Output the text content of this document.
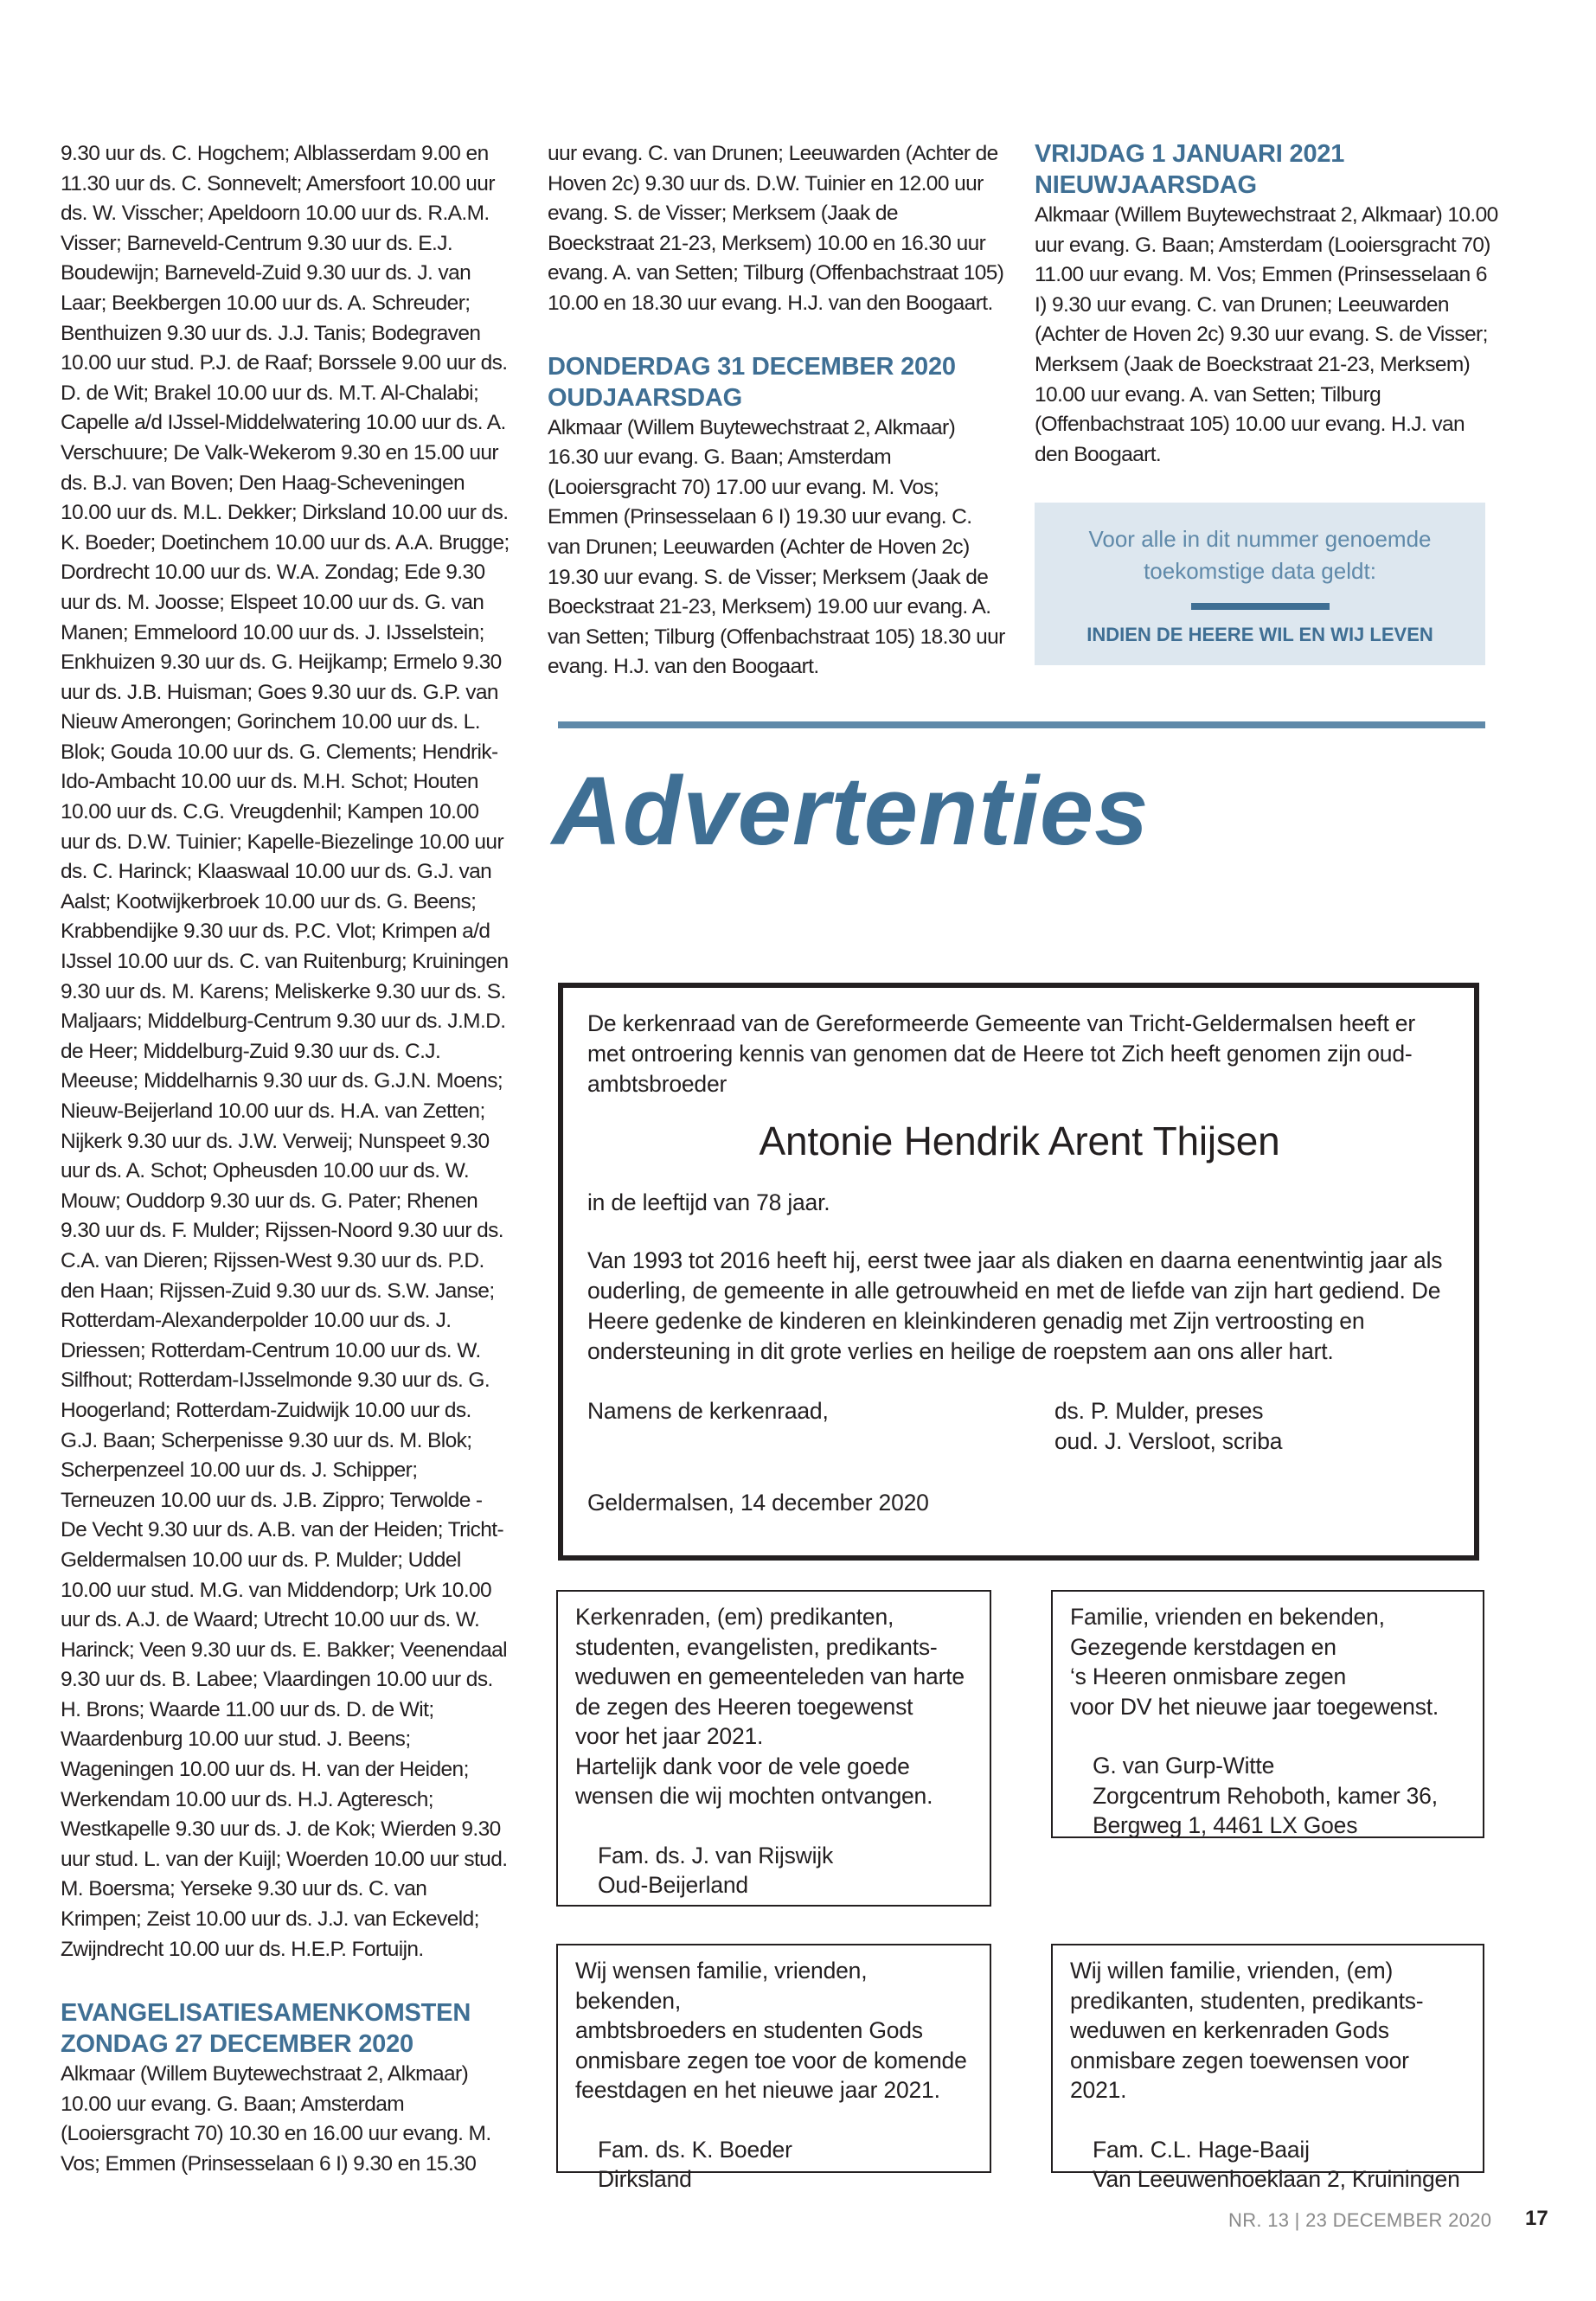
9.30 uur ds. C. Hogchem; Alblasserdam 9.00 en 11.30 uur ds. C. Sonnevelt; Amersfoort 10.00 uur ds. W. Visscher; Apeldoorn 10.00 uur ds. R.A.M. Visser; Barneveld-Centrum 9.30 uur ds. E.J. Boudewijn; Barneveld-Zuid 9.30 uur ds. J. van Laar; Beekbergen 10.00 uur ds. A. Schreuder; Benthuizen 9.30 uur ds. J.J. Tanis; Bodegraven 10.00 uur stud. P.J. de Raaf; Borssele 9.00 uur ds. D. de Wit; Brakel 10.00 uur ds. M.T. Al-Chalabi; Capelle a/d IJssel-Middelwatering 10.00 uur ds. A. Verschuure; De Valk-Wekerom 9.30 en 15.00 uur ds. B.J. van Boven; Den Haag-Scheveningen 10.00 uur ds. M.L. Dekker; Dirksland 10.00 uur ds. K. Boeder; Doetinchem 10.00 uur ds. A.A. Brugge; Dordrecht 10.00 uur ds. W.A. Zondag; Ede 9.30 uur ds. M. Joosse; Elspeet 10.00 uur ds. G. van Manen; Emmeloord 10.00 uur ds. J. IJsselstein; Enkhuizen 9.30 uur ds. G. Heijkamp; Ermelo 9.30 uur ds. J.B. Huisman; Goes 9.30 uur ds. G.P. van Nieuw Amerongen; Gorinchem 10.00 uur ds. L. Blok; Gouda 10.00 uur ds. G. Clements; Hendrik-Ido-Ambacht 10.00 uur ds. M.H. Schot; Houten 10.00 uur ds. C.G. Vreugdenhil; Kampen 10.00 uur ds. D.W. Tuinier; Kapelle-Biezelinge 10.00 uur ds. C. Harinck; Klaaswaal 10.00 uur ds. G.J. van Aalst; Kootwijkerbroek 10.00 uur ds. G. Beens; Krabbendijke 9.30 uur ds. P.C. Vlot; Krimpen a/d IJssel 10.00 uur ds. C. van Ruitenburg; Kruiningen 9.30 uur ds. M. Karens; Meliskerke 9.30 uur ds. S. Maljaars; Middelburg-Centrum 9.30 uur ds. J.M.D. de Heer; Middelburg-Zuid 9.30 uur ds. C.J. Meeuse; Middelharnis 9.30 uur ds. G.J.N. Moens; Nieuw-Beijerland 10.00 uur ds. H.A. van Zetten; Nijkerk 9.30 uur ds. J.W. Verweij; Nunspeet 9.30 uur ds. A. Schot; Opheusden 10.00 uur ds. W. Mouw; Ouddorp 9.30 uur ds. G. Pater; Rhenen 9.30 uur ds. F. Mulder; Rijssen-Noord 9.30 uur ds. C.A. van Dieren; Rijssen-West 9.30 uur ds. P.D. den Haan; Rijssen-Zuid 9.30 uur ds. S.W. Janse; Rotterdam-Alexanderpolder 10.00 uur ds. J. Driessen; Rotterdam-Centrum 10.00 uur ds. W. Silfhout; Rotterdam-IJsselmonde 9.30 uur ds. G. Hoogerland; Rotterdam-Zuidwijk 10.00 uur ds. G.J. Baan; Scherpenisse 9.30 uur ds. M. Blok; Scherpenzeel 10.00 uur ds. J. Schipper; Terneuzen 10.00 uur ds. J.B. Zippro; Terwolde - De Vecht 9.30 uur ds. A.B. van der Heiden; Tricht-Geldermalsen 10.00 uur ds. P. Mulder; Uddel 10.00 uur stud. M.G. van Middendorp; Urk 10.00 uur ds. A.J. de Waard; Utrecht 10.00 uur ds. W. Harinck; Veen 9.30 uur ds. E. Bakker; Veenendaal 9.30 uur ds. B. Labee; Vlaardingen 10.00 uur ds. H. Brons; Waarde 11.00 uur ds. D. de Wit; Waardenburg 10.00 uur stud. J. Beens; Wageningen 10.00 uur ds. H. van der Heiden; Werkendam 10.00 uur ds. H.J. Agteresch; Westkapelle 9.30 uur ds. J. de Kok; Wierden 9.30 uur stud. L. van der Kuijl; Woerden 10.00 uur stud. M. Boersma; Yerseke 9.30 uur ds. C. van Krimpen; Zeist 10.00 uur ds. J.J. van Eckeveld; Zwijndrecht 10.00 uur ds. H.E.P. Fortuijn.

EVANGELISATIESAMENKOMSTEN
ZONDAG 27 DECEMBER 2020

Alkmaar (Willem Buytewechstraat 2, Alkmaar) 10.00 uur evang. G. Baan; Amsterdam (Looiersgracht 70) 10.30 en 16.00 uur evang. M. Vos; Emmen (Prinsesselaan 6 I) 9.30 en 15.30

uur evang. C. van Drunen; Leeuwarden (Achter de Hoven 2c) 9.30 uur ds. D.W. Tuinier en 12.00 uur evang. S. de Visser; Merksem (Jaak de Boeckstraat 21-23, Merksem) 10.00 en 16.30 uur evang. A. van Setten; Tilburg (Offenbachstraat 105) 10.00 en 18.30 uur evang. H.J. van den Boogaart.

DONDERDAG 31 DECEMBER 2020
OUDJAARSDAG

Alkmaar (Willem Buytewechstraat 2, Alkmaar) 16.30 uur evang. G. Baan; Amsterdam (Looiersgracht 70) 17.00 uur evang. M. Vos; Emmen (Prinsesselaan 6 I) 19.30 uur evang. C. van Drunen; Leeuwarden (Achter de Hoven 2c) 19.30 uur evang. S. de Visser; Merksem (Jaak de Boeckstraat 21-23, Merksem) 19.00 uur evang. A. van Setten; Tilburg (Offenbachstraat 105) 18.30 uur evang. H.J. van den Boogaart.

VRIJDAG 1 JANUARI 2021
NIEUWJAARSDAG

Alkmaar (Willem Buytewechstraat 2, Alkmaar) 10.00 uur evang. G. Baan; Amsterdam (Looiersgracht 70) 11.00 uur evang. M. Vos; Emmen (Prinsesselaan 6 I) 9.30 uur evang. C. van Drunen; Leeuwarden (Achter de Hoven 2c) 9.30 uur evang. S. de Visser; Merksem (Jaak de Boeckstraat 21-23, Merksem) 10.00 uur evang. A. van Setten; Tilburg (Offenbachstraat 105) 10.00 uur evang. H.J. van den Boogaart.

Voor alle in dit nummer genoemde
toekomstige data geldt:
INDIEN DE HEERE WIL EN WIJ LEVEN
Advertenties

De kerkenraad van de Gereformeerde Gemeente van Tricht-Geldermalsen heeft er met ontroering kennis van genomen dat de Heere tot Zich heeft genomen zijn oud-ambtsbroeder

Antonie Hendrik Arent Thijsen

in de leeftijd van 78 jaar.

Van 1993 tot 2016 heeft hij, eerst twee jaar als diaken en daarna eenentwintig jaar als ouderling, de gemeente in alle getrouwheid en met de liefde van zijn hart gediend. De Heere gedenke de kinderen en kleinkinderen genadig met Zijn vertroosting en ondersteuning in dit grote verlies en heilige de roepstem aan ons aller hart.

Namens de kerkenraad,	ds. P. Mulder, preses
oud. J. Versloot, scriba

Geldermalsen, 14 december 2020

Kerkenraden, (em) predikanten,

studenten, evangelisten, predikants-

weduwen en gemeenteleden van harte

de zegen des Heeren toegewenst

voor het jaar 2021.

Hartelijk dank voor de vele goede

wensen die wij mochten ontvangen.

Fam. ds. J. van Rijswijk

Oud-Beijerland

Familie, vrienden en bekenden,

Gezegende kerstdagen en

‘s Heeren onmisbare zegen

voor DV het nieuwe jaar toegewenst.

G. van Gurp-Witte

Zorgcentrum Rehoboth, kamer 36,

Bergweg 1, 4461 LX Goes

Wij wensen familie, vrienden, bekenden,

ambtsbroeders en studenten Gods

onmisbare zegen toe voor de komende

feestdagen en het nieuwe jaar 2021.

Fam. ds. K. Boeder

Dirksland

Wij willen familie, vrienden, (em)

predikanten, studenten, predikants-

weduwen en kerkenraden Gods

onmisbare zegen toewensen voor 2021.

Fam. C.L. Hage-Baaij

Van Leeuwenhoeklaan 2, Kruiningen

NR. 13 | 23 DECEMBER 2020 17
